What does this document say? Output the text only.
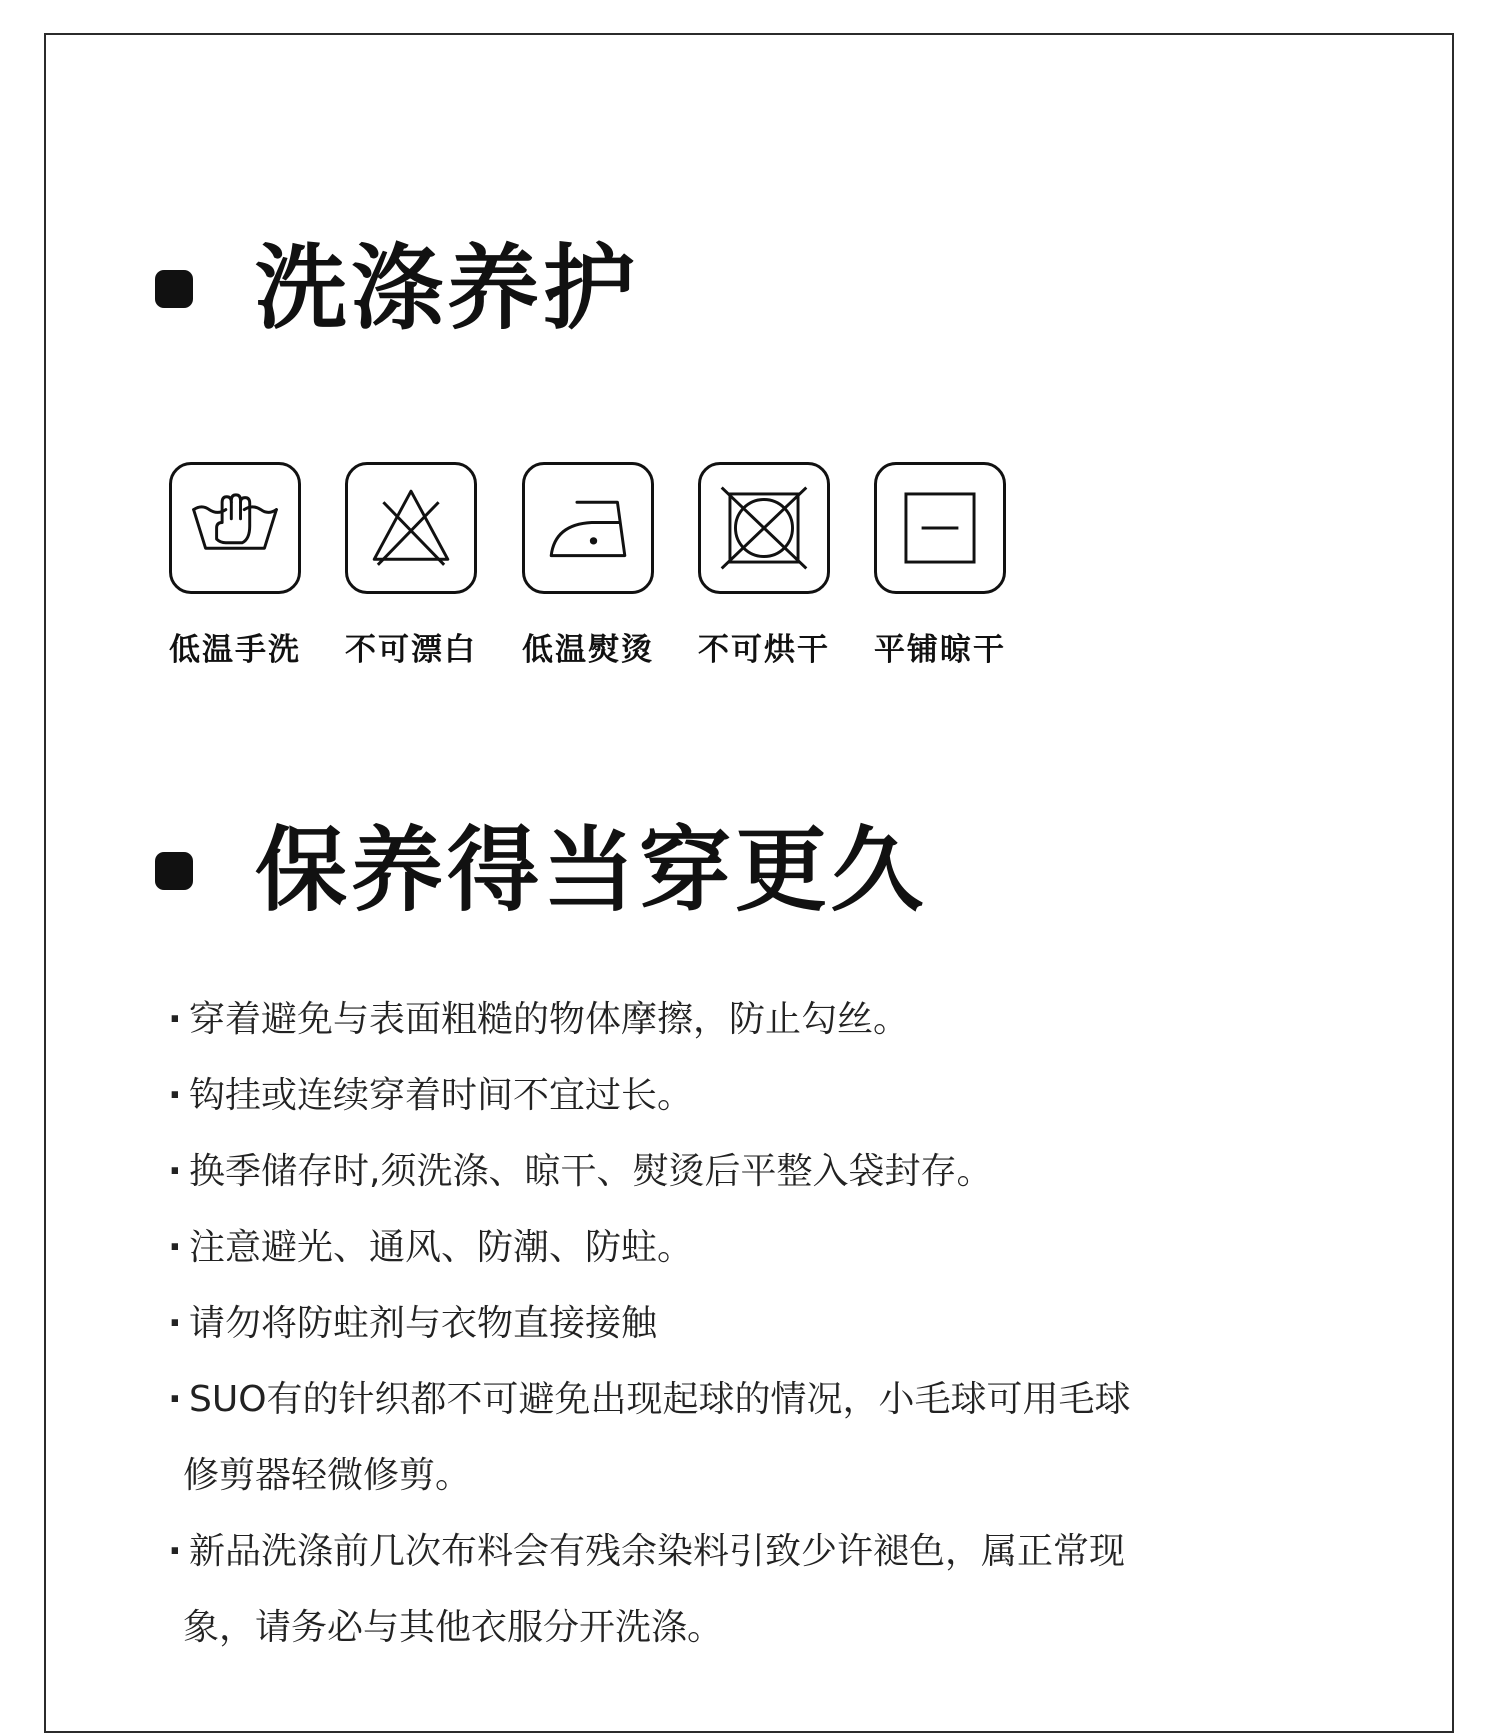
洗涤养护
低温手洗	不可漂白	低温熨烫	不可烘干	平铺晾干
保养得当穿更久
· 穿着避免与表面粗糙的物体摩擦，防止勾丝。
· 钩挂或连续穿着时间不宜过长。
· 换季储存时,须洗涤、晾干、熨烫后平整入袋封存。
· 注意避光、通风、防潮、防蛀。
· 请勿将防蛀剂与衣物直接接触
· SUO有的针织都不可避免出现起球的情况，小毛球可用毛球
修剪器轻微修剪。
· 新品洗涤前几次布料会有残余染料引致少许褪色，属正常现
象，请务必与其他衣服分开洗涤。
